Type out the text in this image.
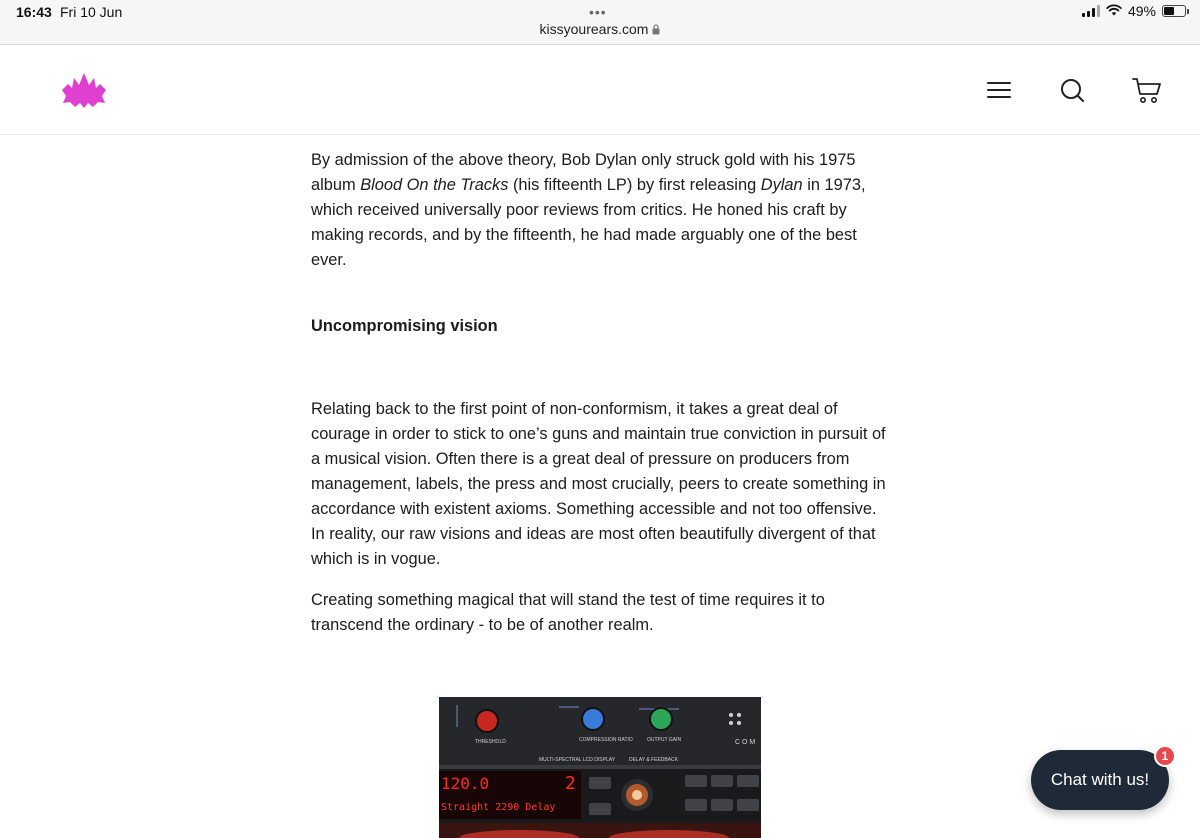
16:43 Fri 10 Jun	•••
kissyourears.com
49%

By admission of the above theory, Bob Dylan only struck gold with his 1975 album Blood On the Tracks (his fifteenth LP) by first releasing Dylan in 1973, which received universally poor reviews from critics. He honed his craft by making records, and by the fifteenth, he had made arguably one of the best ever.

Uncompromising vision

Relating back to the first point of non-conformism, it takes a great deal of courage in order to stick to one’s guns and maintain true conviction in pursuit of a musical vision. Often there is a great deal of pressure on producers from management, labels, the press and most crucially, peers to create something in accordance with existent axioms. Something accessible and not too offensive. In reality, our raw visions and ideas are most often beautifully divergent of that which is in vogue.

Creating something magical that will stand the test of time requires it to transcend the ordinary - to be of another realm.

THRESHOLD	COMPRESSION RATIO	OUTPUT GAIN
MULTI-SPECTRAL LCD DISPLAY	DELAY & FEEDBACK
C O M
120.0	2
Straight 2290 Delay
Chat with us!
1
